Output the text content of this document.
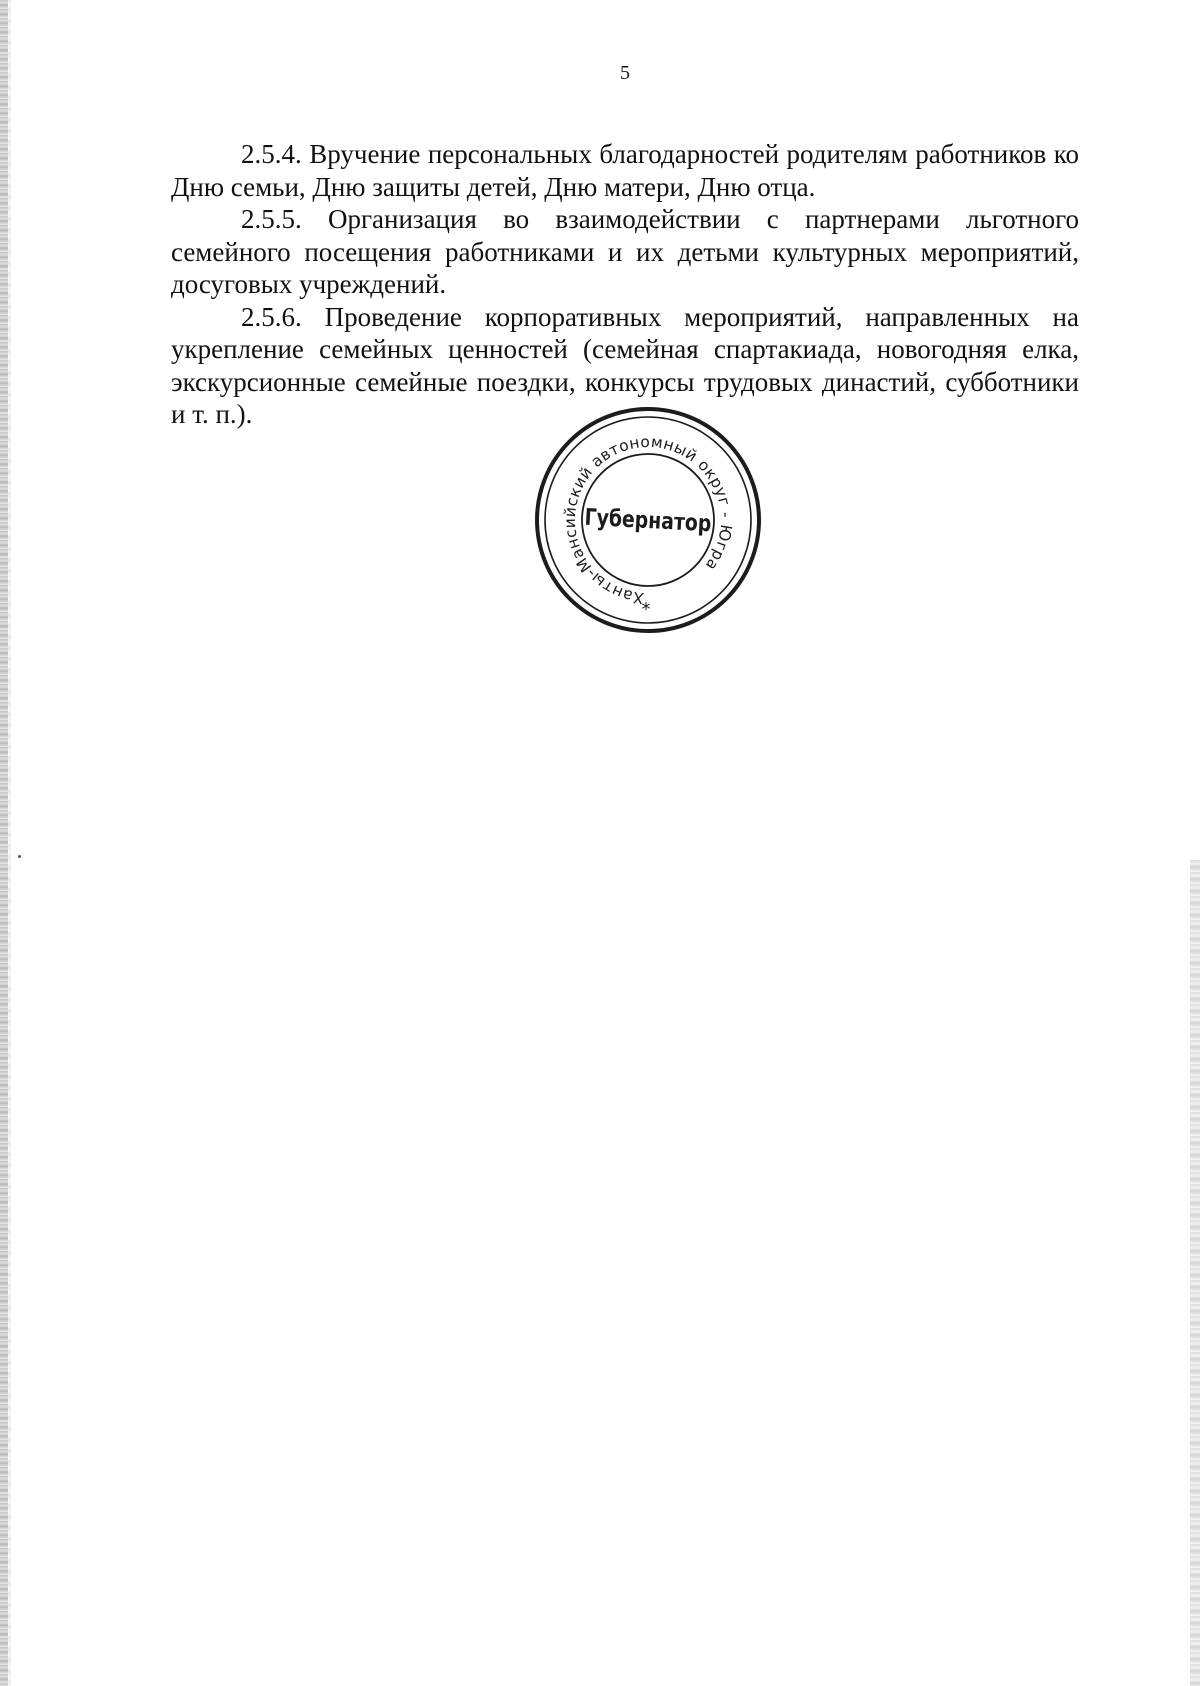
5

2.5.4. Вручение персональных благодарностей родителям работников ко Дню семьи, Дню защиты детей, Дню матери, Дню отца.

2.5.5. Организация во взаимодействии с партнерами льготного семейного посещения работниками и их детьми культурных мероприятий, досуговых учреждений.

2.5.6. Проведение корпоративных мероприятий, направленных на укрепление семейных ценностей (семейная спартакиада, новогодняя елка, экскурсионные семейные поездки, конкурсы трудовых династий, субботники и т. п.).

Ханты-Мансийский автономный округ - Югра
Губернатор
*
